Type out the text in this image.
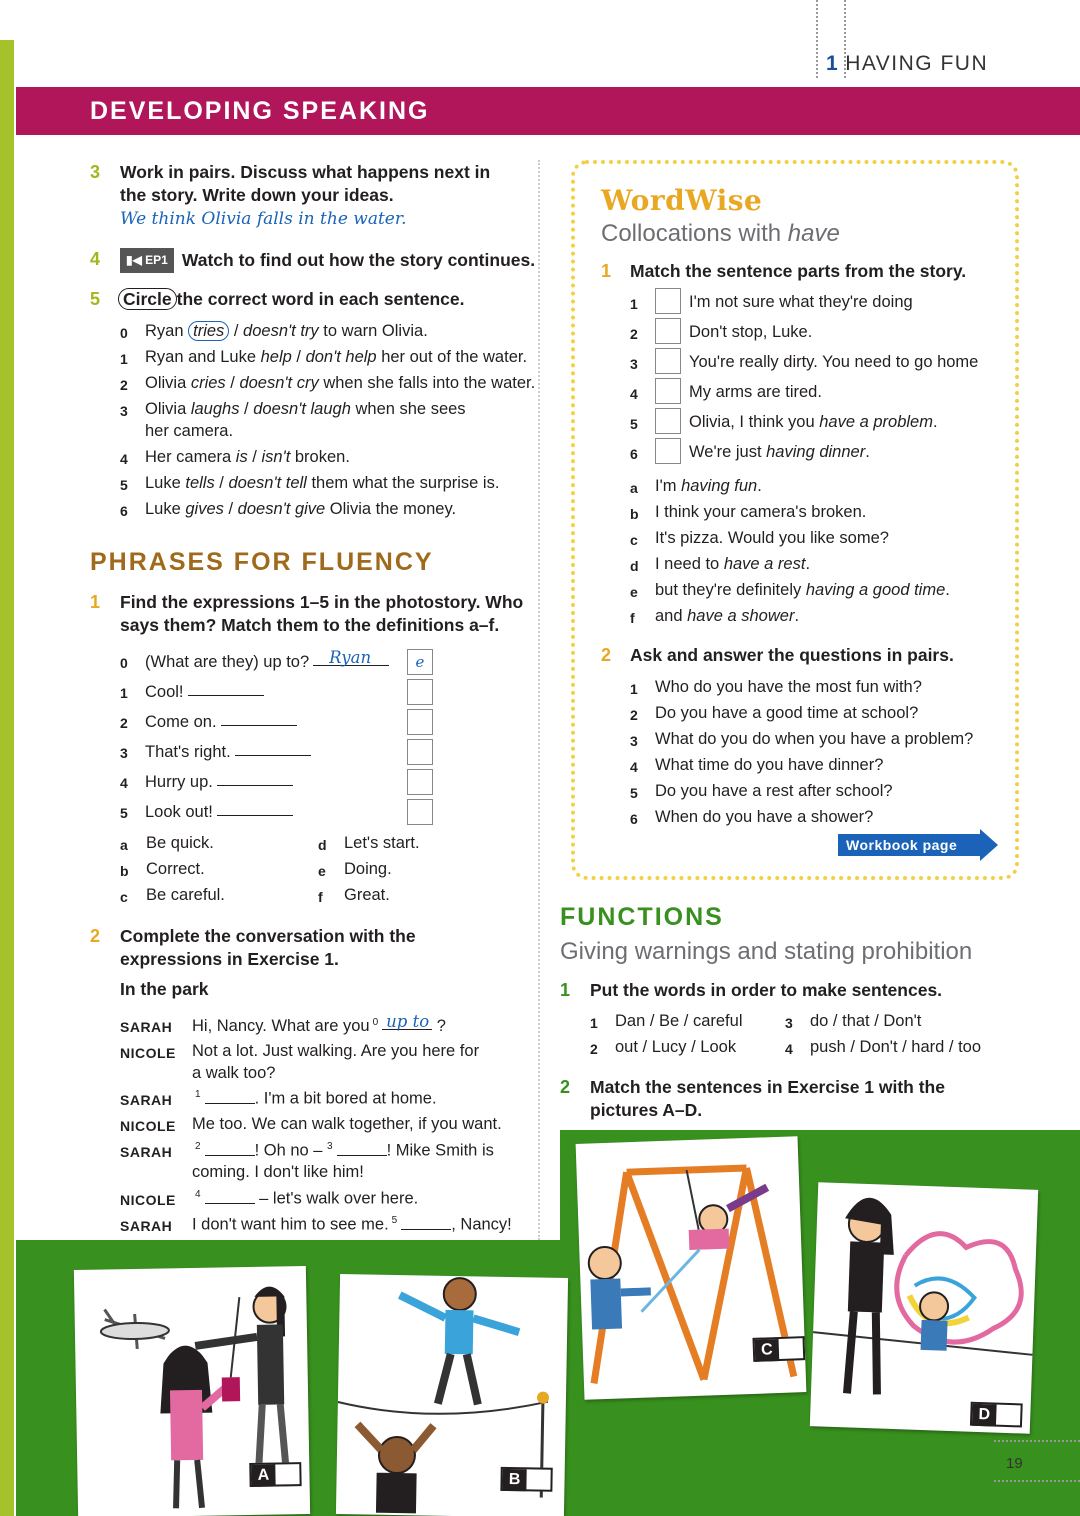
1 HAVING FUN
DEVELOPING SPEAKING
3 Work in pairs. Discuss what happens next in the story. Write down your ideas.
We think Olivia falls in the water.
4	▮◀ EP1 Watch to find out how the story continues.
5 Circle the correct word in each sentence.
0 Ryan tries / doesn't try to warn Olivia.
1 Ryan and Luke help / don't help her out of the water.
2 Olivia cries / doesn't cry when she falls into the water.
3 Olivia laughs / doesn't laugh when she sees
4 Her camera is / isn't broken.
5 Luke tells / doesn't tell them what the surprise is.
6 Luke gives / doesn't give Olivia the money.
her camera.
PHRASES FOR FLUENCY
1 Find the expressions 1–5 in the photostory. Who says them? Match them to the definitions a–f.
0 (What are they) up to? Ryan	e
1 Cool!
2 Come on.
3 That's right.
4 Hurry up.
5 Look out!
a Be quick.
b Correct.
c Be careful.
d Let's start.
e Doing.
f Great.
2 Complete the conversation with the expressions in Exercise 1.
In the park
SARAH Hi, Nancy. What are you $^0$ up to ?
NICOLE Not a lot. Just walking. Are you here for
a walk too?
SARAH	$^1$	. I'm a bit bored at home.
NICOLE Me too. We can walk together, if you want.
SARAH	$^2$	! Oh no – $^3$	! Mike Smith is
coming. I don't like him!
NICOLE	$^4$	– let's walk over here.
SARAH I don't want him to see me. $^5$	, Nancy!
WordWise
Collocations with have
1 Match the sentence parts from the story.
1	I'm not sure what they're doing
2	Don't stop, Luke.
3	You're really dirty. You need to go home
4	My arms are tired.
5	Olivia, I think you have a problem.
6	We're just having dinner.
a I'm having fun.
b I think your camera's broken.
c It's pizza. Would you like some?
d I need to have a rest.
e but they're definitely having a good time.
f and have a shower.
2 Ask and answer the questions in pairs.
1 Who do you have the most fun with?
2 Do you have a good time at school?
3 What do you do when you have a problem?
4 What time do you have dinner?
5 Do you have a rest after school?
6 When do you have a shower?
Workbook page 12
FUNCTIONS
Giving warnings and stating prohibition
1 Put the words in order to make sentences.
1 Dan / Be / careful
2 out / Lucy / Look
3 do / that / Don't
4 push / Don't / hard / too
2 Match the sentences in Exercise 1 with the pictures A–D.
A	B
C
D
19
